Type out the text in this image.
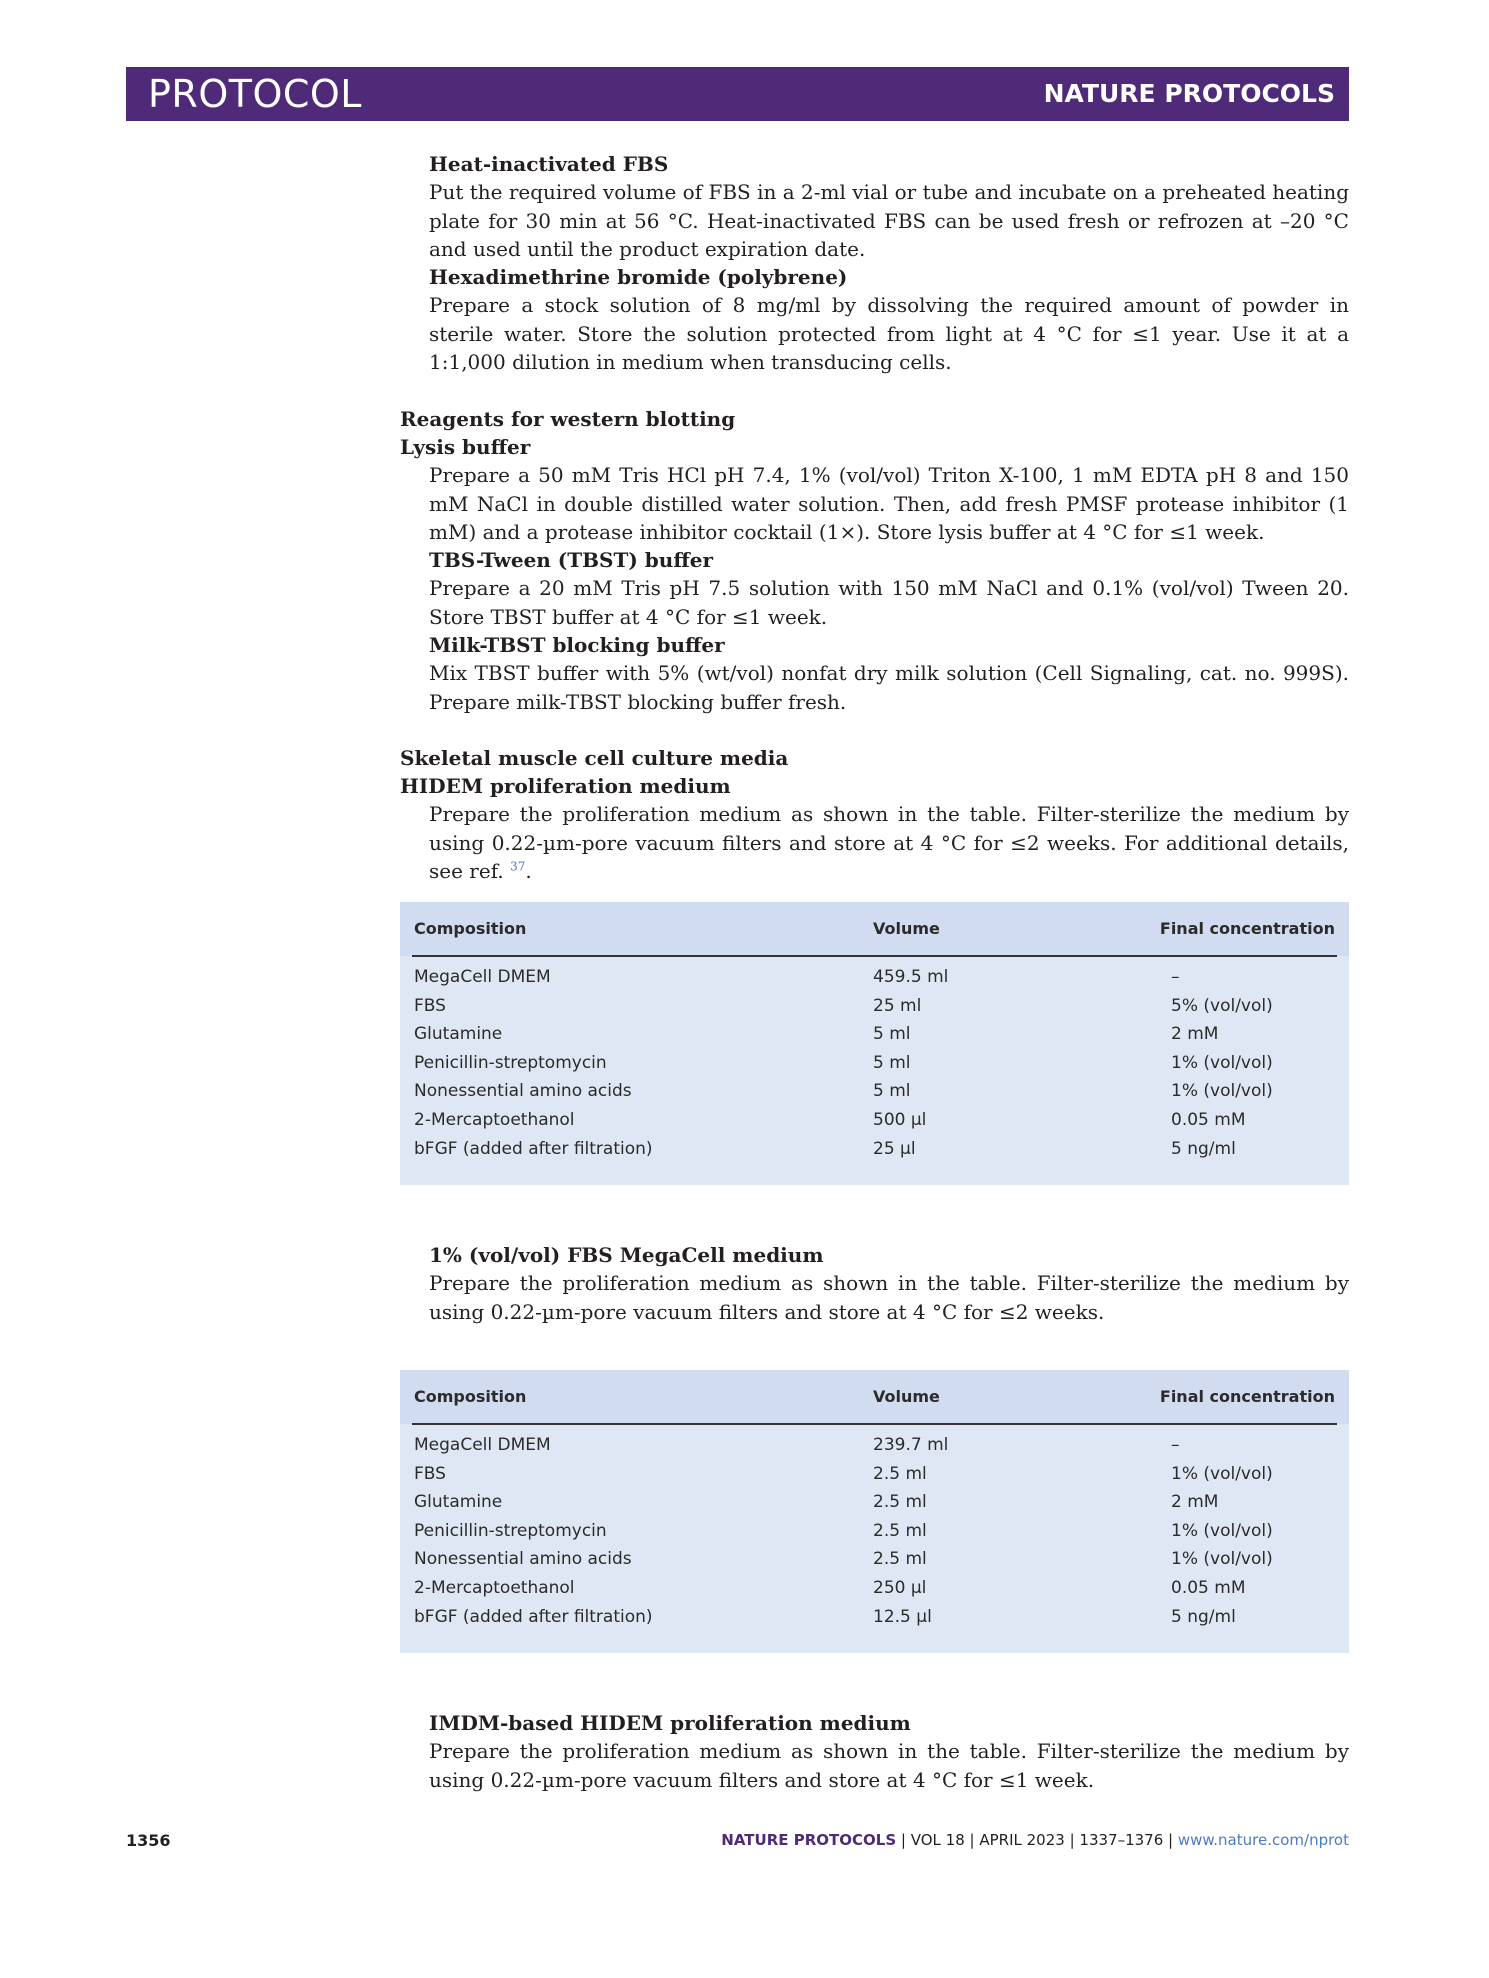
PROTOCOL	NATURE PROTOCOLS
Heat-inactivated FBS
Put the required volume of FBS in a 2-ml vial or tube and incubate on a preheated heating plate for 30 min at 56 °C. Heat-inactivated FBS can be used fresh or refrozen at –20 °C and used until the product expiration date.
Hexadimethrine bromide (polybrene)
Prepare a stock solution of 8 mg/ml by dissolving the required amount of powder in sterile water. Store the solution protected from light at 4 °C for ≤1 year. Use it at a 1:1,000 dilution in medium when transducing cells.
Reagents for western blotting
Lysis buffer
Prepare a 50 mM Tris HCl pH 7.4, 1% (vol/vol) Triton X-100, 1 mM EDTA pH 8 and 150 mM NaCl in double distilled water solution. Then, add fresh PMSF protease inhibitor (1 mM) and a protease inhibitor cocktail (1×). Store lysis buffer at 4 °C for ≤1 week.
TBS-Tween (TBST) buffer
Prepare a 20 mM Tris pH 7.5 solution with 150 mM NaCl and 0.1% (vol/vol) Tween 20. Store TBST buffer at 4 °C for ≤1 week.
Milk-TBST blocking buffer
Mix TBST buffer with 5% (wt/vol) nonfat dry milk solution (Cell Signaling, cat. no. 999S). Prepare milk-TBST blocking buffer fresh.
Skeletal muscle cell culture media
HIDEM proliferation medium
Prepare the proliferation medium as shown in the table. Filter-sterilize the medium by using 0.22-µm-pore vacuum filters and store at 4 °C for ≤2 weeks. For additional details, see ref. $^{37}$.
Composition	Volume	Final concentration
MegaCell DMEM	459.5 ml	–
FBS	25 ml	5% (vol/vol)
Glutamine	5 ml	2 mM
Penicillin-streptomycin	5 ml	1% (vol/vol)
Nonessential amino acids	5 ml	1% (vol/vol)
2-Mercaptoethanol	500 µl	0.05 mM
bFGF (added after filtration)	25 µl	5 ng/ml
1% (vol/vol) FBS MegaCell medium
Prepare the proliferation medium as shown in the table. Filter-sterilize the medium by using 0.22-µm-pore vacuum filters and store at 4 °C for ≤2 weeks.
Composition	Volume	Final concentration
MegaCell DMEM	239.7 ml	–
FBS	2.5 ml	1% (vol/vol)
Glutamine	2.5 ml	2 mM
Penicillin-streptomycin	2.5 ml	1% (vol/vol)
Nonessential amino acids	2.5 ml	1% (vol/vol)
2-Mercaptoethanol	250 µl	0.05 mM
bFGF (added after filtration)	12.5 µl	5 ng/ml
IMDM-based HIDEM proliferation medium
Prepare the proliferation medium as shown in the table. Filter-sterilize the medium by using 0.22-µm-pore vacuum filters and store at 4 °C for ≤1 week.
1356	NATURE PROTOCOLS | VOL 18 | APRIL 2023 | 1337–1376 | www.nature.com/nprot
